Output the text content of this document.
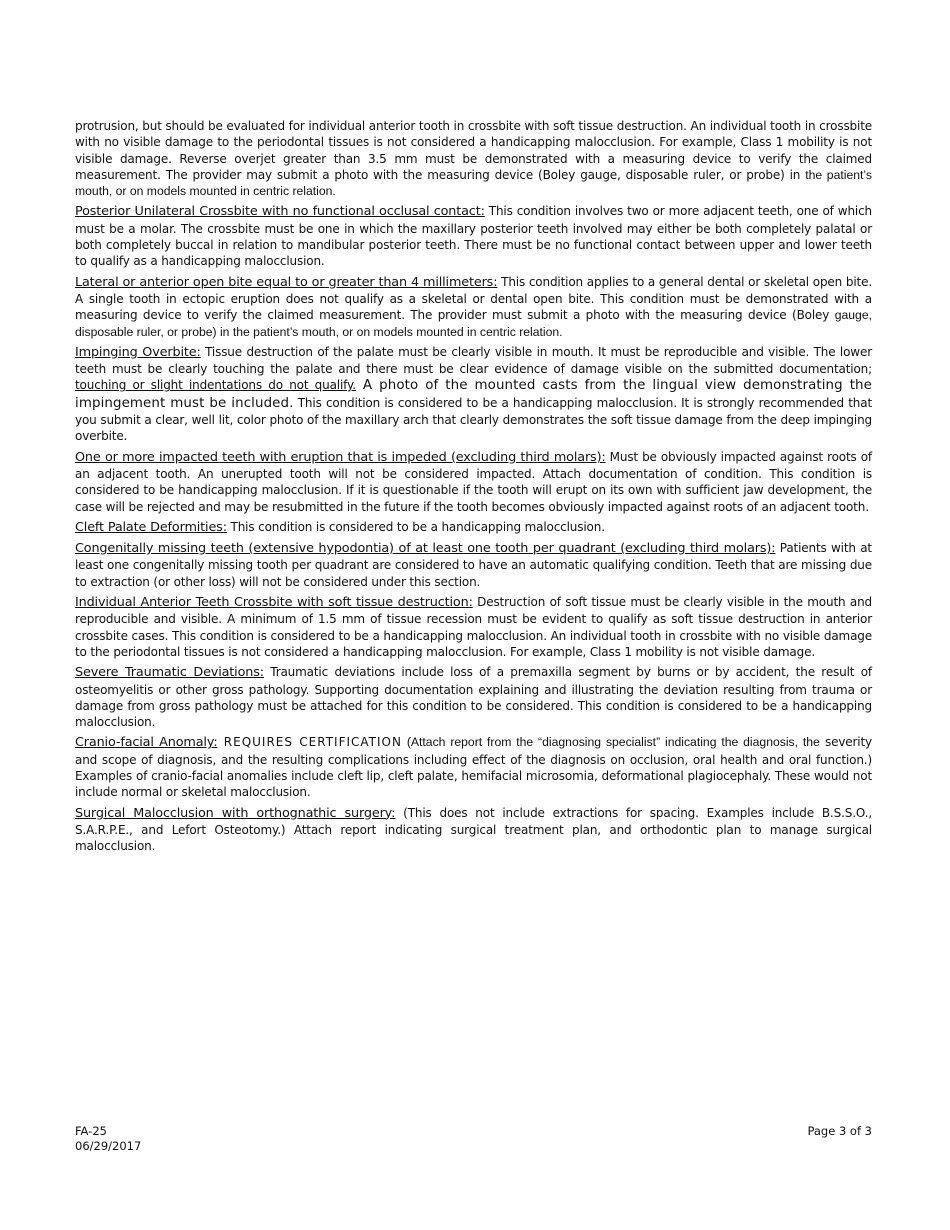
protrusion, but should be evaluated for individual anterior tooth in crossbite with soft tissue destruction. An individual tooth in crossbite with no visible damage to the periodontal tissues is not considered a handicapping malocclusion. For example, Class 1 mobility is not visible damage. Reverse overjet greater than 3.5 mm must be demonstrated with a measuring device to verify the claimed measurement. The provider may submit a photo with the measuring device (Boley gauge, disposable ruler, or probe) in the patient’s mouth, or on models mounted in centric relation.

Posterior Unilateral Crossbite with no functional occlusal contact: This condition involves two or more adjacent teeth, one of which must be a molar. The crossbite must be one in which the maxillary posterior teeth involved may either be both completely palatal or both completely buccal in relation to mandibular posterior teeth. There must be no functional contact between upper and lower teeth to qualify as a handicapping malocclusion.

Lateral or anterior open bite equal to or greater than 4 millimeters: This condition applies to a general dental or skeletal open bite. A single tooth in ectopic eruption does not qualify as a skeletal or dental open bite. This condition must be demonstrated with a measuring device to verify the claimed measurement. The provider must submit a photo with the measuring device (Boley gauge, disposable ruler, or probe) in the patient’s mouth, or on models mounted in centric relation.

Impinging Overbite: Tissue destruction of the palate must be clearly visible in mouth. It must be reproducible and visible. The lower teeth must be clearly touching the palate and there must be clear evidence of damage visible on the submitted documentation; touching or slight indentations do not qualify. A photo of the mounted casts from the lingual view demonstrating the impingement must be included. This condition is considered to be a handicapping malocclusion. It is strongly recommended that you submit a clear, well lit, color photo of the maxillary arch that clearly demonstrates the soft tissue damage from the deep impinging overbite.

One or more impacted teeth with eruption that is impeded (excluding third molars): Must be obviously impacted against roots of an adjacent tooth. An unerupted tooth will not be considered impacted. Attach documentation of condition. This condition is considered to be handicapping malocclusion. If it is questionable if the tooth will erupt on its own with sufficient jaw development, the case will be rejected and may be resubmitted in the future if the tooth becomes obviously impacted against roots of an adjacent tooth.

Cleft Palate Deformities: This condition is considered to be a handicapping malocclusion.

Congenitally missing teeth (extensive hypodontia) of at least one tooth per quadrant (excluding third molars): Patients with at least one congenitally missing tooth per quadrant are considered to have an automatic qualifying condition. Teeth that are missing due to extraction (or other loss) will not be considered under this section.

Individual Anterior Teeth Crossbite with soft tissue destruction: Destruction of soft tissue must be clearly visible in the mouth and reproducible and visible. A minimum of 1.5 mm of tissue recession must be evident to qualify as soft tissue destruction in anterior crossbite cases. This condition is considered to be a handicapping malocclusion. An individual tooth in crossbite with no visible damage to the periodontal tissues is not considered a handicapping malocclusion. For example, Class 1 mobility is not visible damage.

Severe Traumatic Deviations: Traumatic deviations include loss of a premaxilla segment by burns or by accident, the result of osteomyelitis or other gross pathology. Supporting documentation explaining and illustrating the deviation resulting from trauma or damage from gross pathology must be attached for this condition to be considered. This condition is considered to be a handicapping malocclusion.

Cranio-facial Anomaly: REQUIRES CERTIFICATION (Attach report from the “diagnosing specialist” indicating the diagnosis, the severity and scope of diagnosis, and the resulting complications including effect of the diagnosis on occlusion, oral health and oral function.) Examples of cranio-facial anomalies include cleft lip, cleft palate, hemifacial microsomia, deformational plagiocephaly. These would not include normal or skeletal malocclusion.

Surgical Malocclusion with orthognathic surgery: (This does not include extractions for spacing. Examples include B.S.S.O., S.A.R.P.E., and Lefort Osteotomy.) Attach report indicating surgical treatment plan, and orthodontic plan to manage surgical malocclusion.

FA-25
06/29/2017
Page 3 of 3
